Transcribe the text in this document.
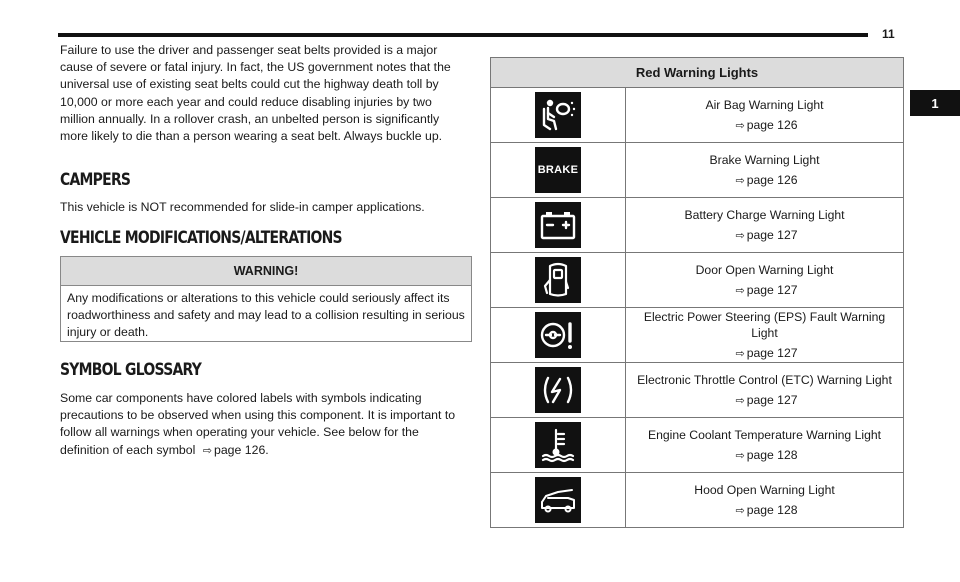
11
1

Failure to use the driver and passenger seat belts provided is a major cause of severe or fatal injury. In fact, the US government notes that the universal use of existing seat belts could cut the highway death toll by 10,000 or more each year and could reduce disabling injuries by two million annually. In a rollover crash, an unbelted person is significantly more likely to die than a person wearing a seat belt. Always buckle up.

CAMPERS

This vehicle is NOT recommended for slide-in camper applications.

VEHICLE MODIFICATIONS/ALTERATIONS
WARNING!
Any modifications or alterations to this vehicle could seriously affect its roadworthiness and safety and may lead to a collision resulting in serious injury or death.
SYMBOL GLOSSARY

Some car components have colored labels with symbols indicating precautions to be observed when using this component. It is important to follow all warnings when operating your vehicle. See below for the definition of each symbol ⇨ page 126.

Red Warning Lights
Air Bag Warning Light
⇨ page 126
BRAKE
Brake Warning Light
⇨ page 126
Battery Charge Warning Light
⇨ page 127
Door Open Warning Light
⇨ page 127
Electric Power Steering (EPS) Fault Warning Light
⇨ page 127
Electronic Throttle Control (ETC) Warning Light
⇨ page 127
Engine Coolant Temperature Warning Light
⇨ page 128
Hood Open Warning Light
⇨ page 128
